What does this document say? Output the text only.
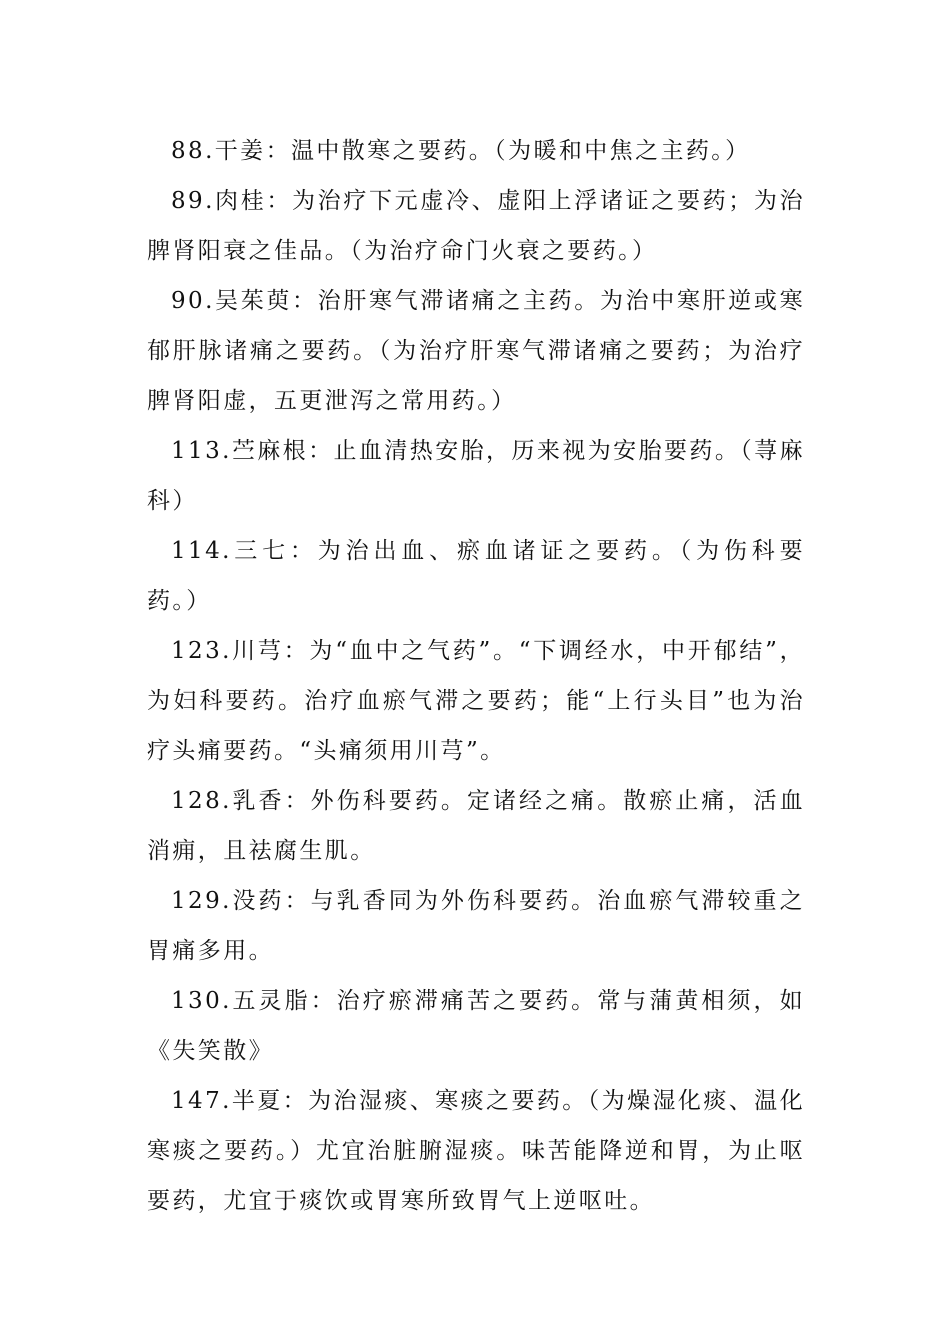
88.干姜：温中散寒之要药。（为暖和中焦之主药。）

89.肉桂：为治疗下元虚冷、虚阳上浮诸证之要药；为治脾肾阳衰之佳品。（为治疗命门火衰之要药。）

90.吴茱萸：治肝寒气滞诸痛之主药。为治中寒肝逆或寒郁肝脉诸痛之要药。（为治疗肝寒气滞诸痛之要药；为治疗脾肾阳虚，五更泄泻之常用药。）

113.苎麻根：止血清热安胎，历来视为安胎要药。（荨麻科）

114.三七：为治出血、瘀血诸证之要药。（为伤科要药。）

123.川芎：为“血中之气药”。“下调经水，中开郁结”，为妇科要药。治疗血瘀气滞之要药；能“上行头目”也为治疗头痛要药。“头痛须用川芎”。

128.乳香：外伤科要药。定诸经之痛。散瘀止痛，活血消痈，且祛腐生肌。

129.没药：与乳香同为外伤科要药。治血瘀气滞较重之胃痛多用。

130.五灵脂：治疗瘀滞痛苦之要药。常与蒲黄相须，如《失笑散》

147.半夏：为治湿痰、寒痰之要药。（为燥湿化痰、温化寒痰之要药。）尤宜治脏腑湿痰。味苦能降逆和胃，为止呕要药，尤宜于痰饮或胃寒所致胃气上逆呕吐。
